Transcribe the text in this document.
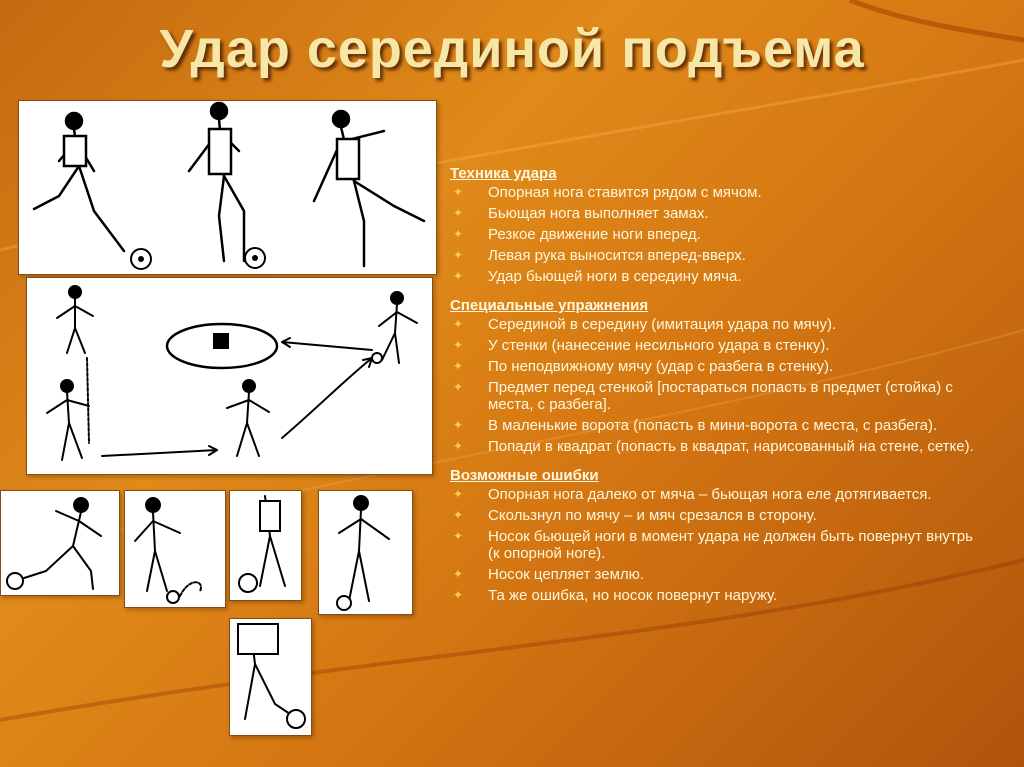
Удар серединой подъема
Техника удара
✦ Опорная нога ставится рядом с мячом.
✦ Бьющая нога выполняет замах.
✦ Резкое движение ноги вперед.
✦ Левая рука выносится вперед-вверх.
✦ Удар бьющей ноги в середину мяча.
Специальные упражнения
✦ Серединой в середину (имитация удара по мячу).
✦ У стенки (нанесение несильного удара в стенку).
✦ По неподвижному мячу (удар с разбега в стенку).
✦ Предмет перед стенкой [постараться попасть в предмет (стойка) с места, с разбега].
✦ В маленькие ворота (попасть в мини-ворота с места, с разбега).
✦ Попади в квадрат (попасть в квадрат, нарисованный на стене, сетке).
Возможные ошибки
✦ Опорная нога далеко от мяча – бьющая нога еле дотягивается.
✦ Скользнул по мячу – и мяч срезался в сторону.
✦ Носок бьющей ноги в момент удара не должен быть повернут внутрь (к опорной ноге).
✦ Носок цепляет землю.
✦ Та же ошибка, но носок повернут наружу.
